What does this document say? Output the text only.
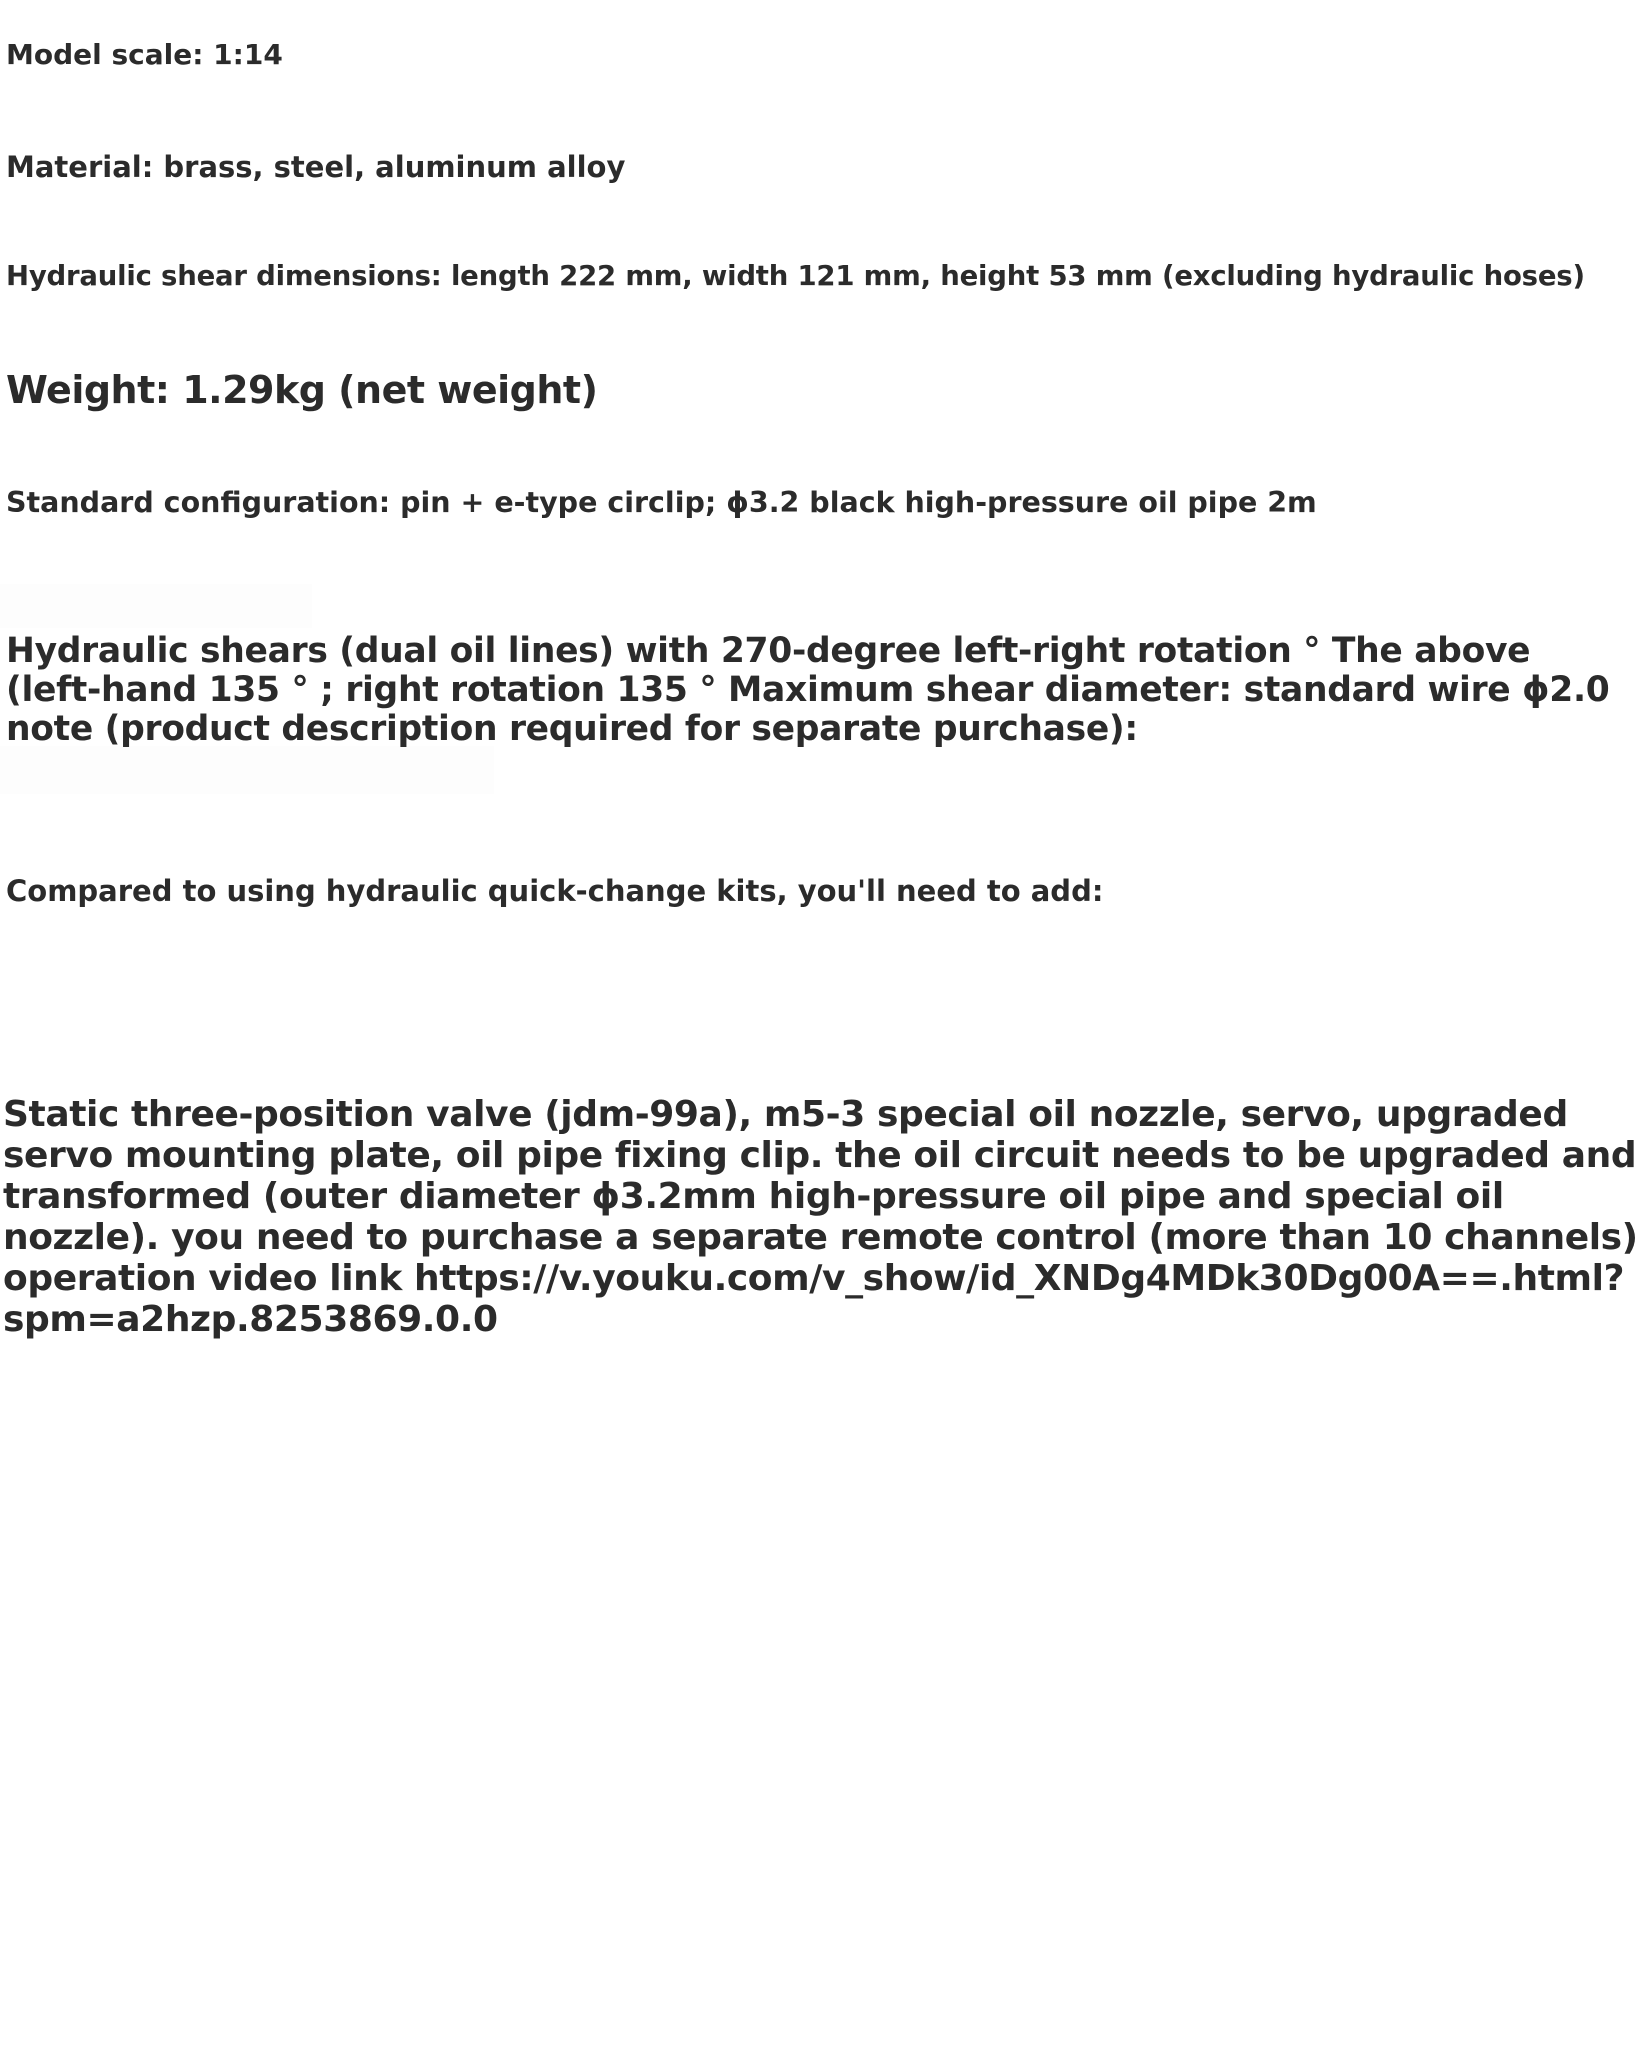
Model scale: 1:14

Material: brass, steel, aluminum alloy

Hydraulic shear dimensions: length 222 mm, width 121 mm, height 53 mm (excluding hydraulic hoses)

Weight: 1.29kg (net weight)

Standard configuration: pin + e-type circlip; ϕ3.2 black high-pressure oil pipe 2m

Hydraulic shears (dual oil lines) with 270-degree left-right rotation ° The above (left-hand 135 ° ; right rotation 135 ° Maximum shear diameter: standard wire ϕ2.0 note (product description required for separate purchase):

Compared to using hydraulic quick-change kits, you'll need to add:

Static three-position valve (jdm-99a), m5-3 special oil nozzle, servo, upgraded servo mounting plate, oil pipe fixing clip. the oil circuit needs to be upgraded and transformed (outer diameter ϕ3.2mm high-pressure oil pipe and special oil nozzle). you need to purchase a separate remote control (more than 10 channels) operation video link https://v.youku.com/v_show/id_XNDg4MDk30Dg00A==.html?spm=a2hzp.8253869.0.0
